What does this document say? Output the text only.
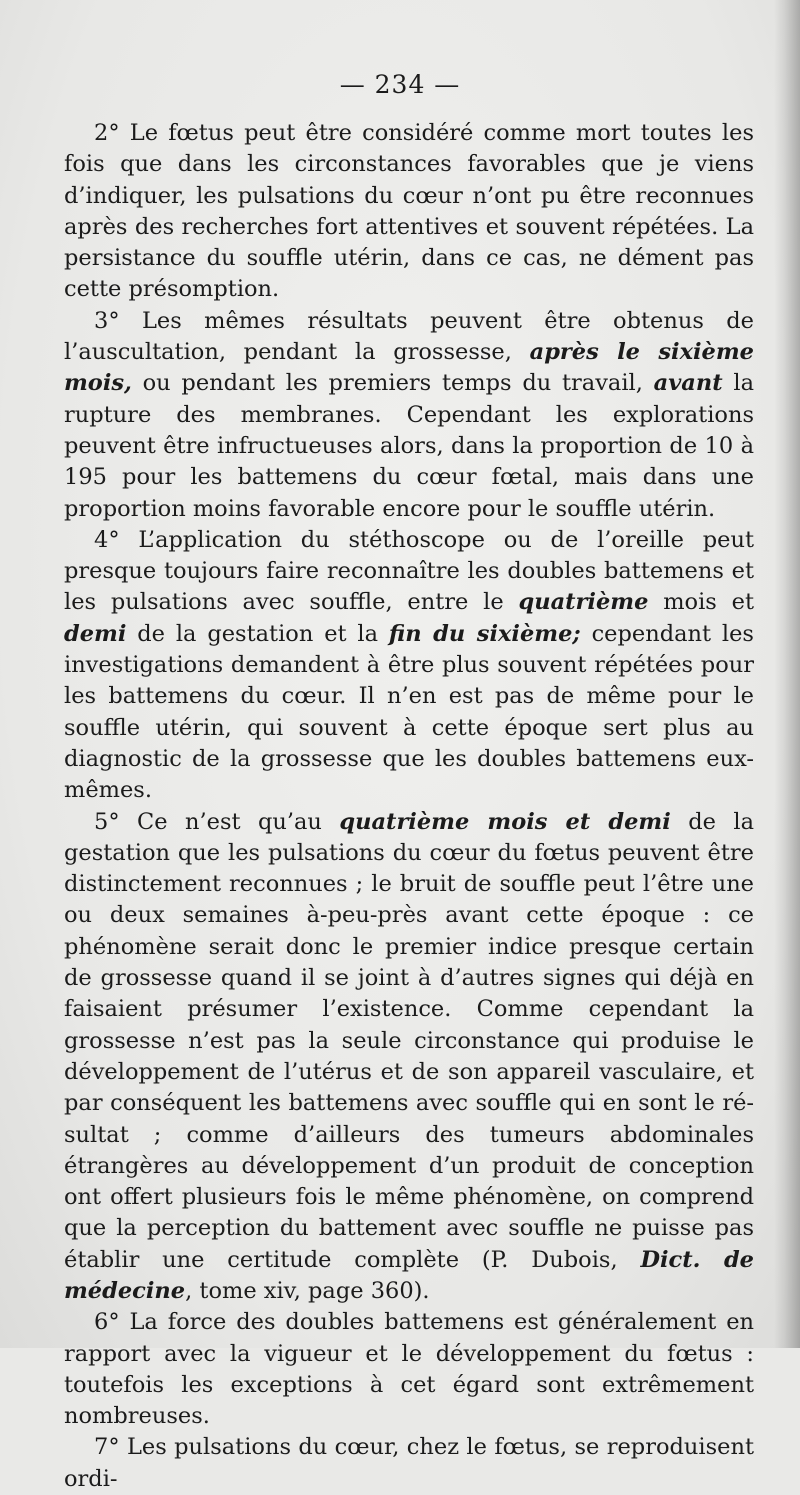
— 234 —

2° Le fœtus peut être considéré comme mort toutes les fois que dans les circonstances favorables que je viens d’indiquer, les pulsations du cœur n’ont pu être reconnues après des recherches fort attentives et souvent répétées. La persistance du souffle utérin, dans ce cas, ne dément pas cette présomption.

3° Les mêmes résultats peuvent être obtenus de l’auscultation, pendant la grossesse, après le sixième mois, ou pendant les premiers temps du travail, avant la rupture des membranes. Cependant les explorations peuvent être infructueuses alors, dans la proportion de 10 à 195 pour les battemens du cœur fœtal, mais dans une proportion moins favorable encore pour le souffle utérin.

4° L’application du stéthoscope ou de l’oreille peut presque toujours faire reconnaître les doubles battemens et les pulsations avec souffle, entre le quatrième mois et demi de la gestation et la fin du sixième; cependant les investigations demandent à être plus souvent répétées pour les battemens du cœur. Il n’en est pas de même pour le souffle utérin, qui souvent à cette époque sert plus au diagnostic de la grossesse que les doubles battemens eux-mêmes.

5° Ce n’est qu’au quatrième mois et demi de la gestation que les pulsations du cœur du fœtus peuvent être distinctement reconnues ; le bruit de souffle peut l’être une ou deux semaines à-peu-près avant cette époque : ce phénomène serait donc le premier indice presque certain de grossesse quand il se joint à d’autres signes qui déjà en faisaient présumer l’existence. Comme cependant la grossesse n’est pas la seule circonstance qui produise le développement de l’utérus et de son appareil vasculaire, et par conséquent les battemens avec souffle qui en sont le résultat ; comme d’ailleurs des tumeurs abdominales étrangères au développement d’un produit de conception ont offert plusieurs fois le même phénomène, on comprend que la perception du battement avec souffle ne puisse pas établir une certitude complète (P. Dubois, Dict. de médecine, tome xiv, page 360).

6° La force des doubles battemens est généralement en rapport avec la vigueur et le développement du fœtus : toutefois les exceptions à cet égard sont extrêmement nombreuses.

7° Les pulsations du cœur, chez le fœtus, se reproduisent ordi-
